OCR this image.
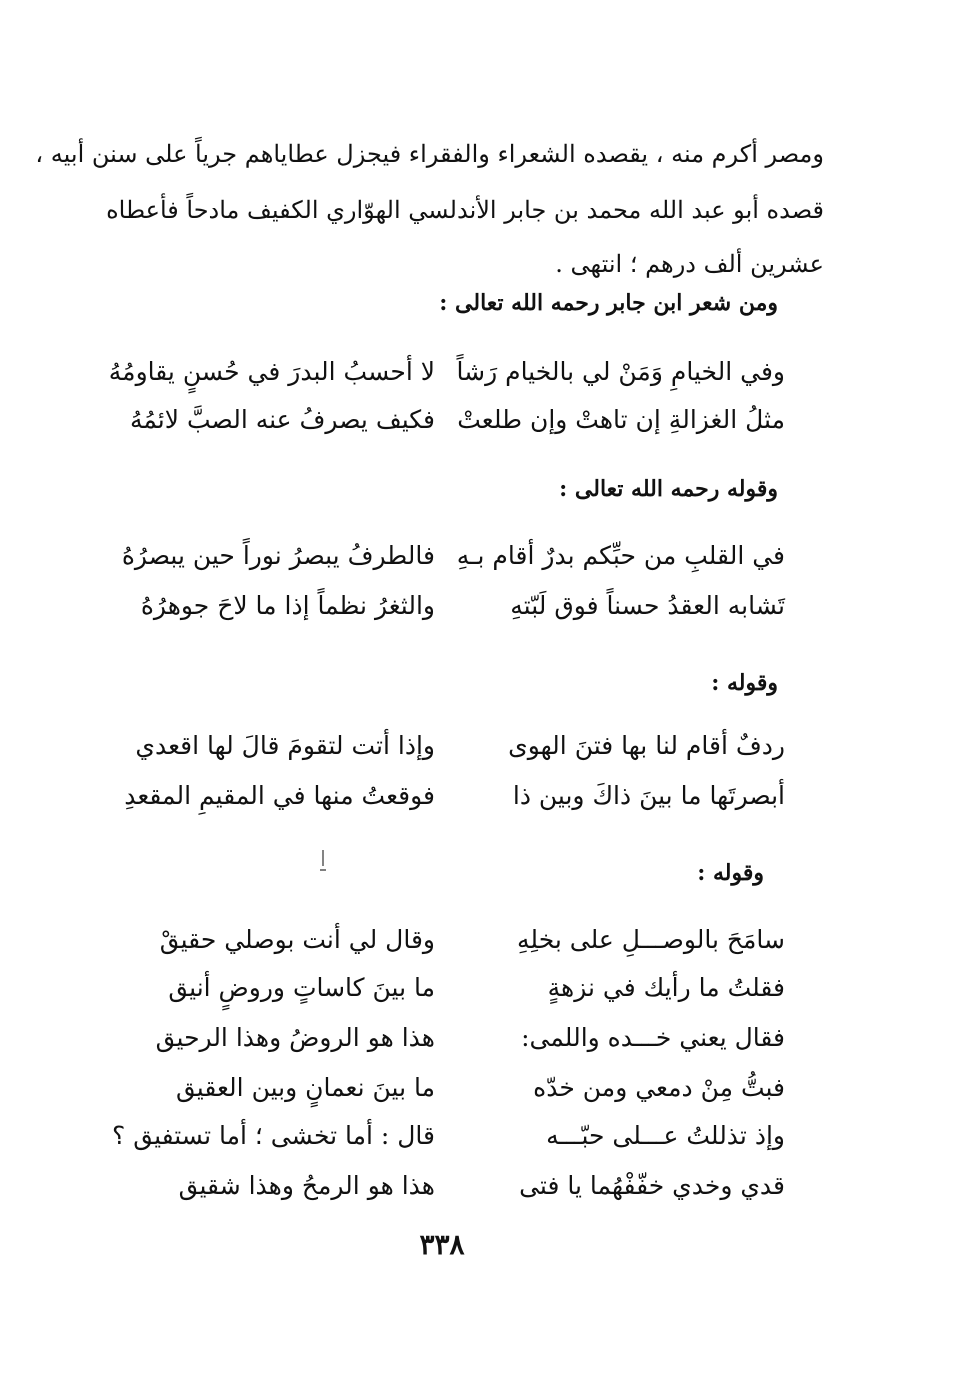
ومصر أكرم منه ، يقصده الشعراء والفقراء فيجزل عطاياهم جرياً على سنن أبيه ،
قصده أبو عبد الله محمد بن جابر الأندلسي الهوّاري الكفيف مادحاً فأعطاه
عشرين ألف درهم ؛ انتهى .
ومن شعر ابن جابر رحمه الله تعالى :
وفي الخيامِ وَمَنْ لي بالخيام رَشاً
لا أحسبُ البدرَ في حُسنٍ يقاومُهُ
مثلُ الغزالةِ إن تاهتْ وإن طلعتْ
فكيف يصرفُ عنه الصبَّ لائمُهُ
وقوله رحمه الله تعالى :
في القلبِ من حبِّكم بدرٌ أقام بـهِ
فالطرفُ يبصرُ نوراً حين يبصرُهُ
تَشابه العقدُ حسناً فوق لَبّتهِ
والثغرُ نظماً إذا ما لاحَ جوهرُهُ
وقوله :
ردفٌ أقام لنا بها فتنَ الهوى
وإذا أتت لتقومَ قالَ لها اقعدي
أبصرتَها ما بينَ ذاكَ وبين ذا
فوقعتُ منها في المقيمِ المقعدِ
وقوله :
سامَحَ بالوصـــلِ على بخلِهِ
وقال لي أنت بوصلي حقيقْ
فقلتُ ما رأيك في نزهةٍ
ما بينَ كاساتٍ وروضٍ أنيق
فقال يعني خـــده واللمى:
هذا هو الروضُ وهذا الرحيق
فبتُّ مِنْ دمعي ومن خدّه
ما بينَ نعمانٍ وبين العقيق
وإذ تذللتُ عـــلى حبّـــه
قال : أما تخشى ؛ أما تستفيق ؟
قدي وخدي خفّفْهُما يا فتى
هذا هو الرمحُ وهذا شقيق
٣٣٨
